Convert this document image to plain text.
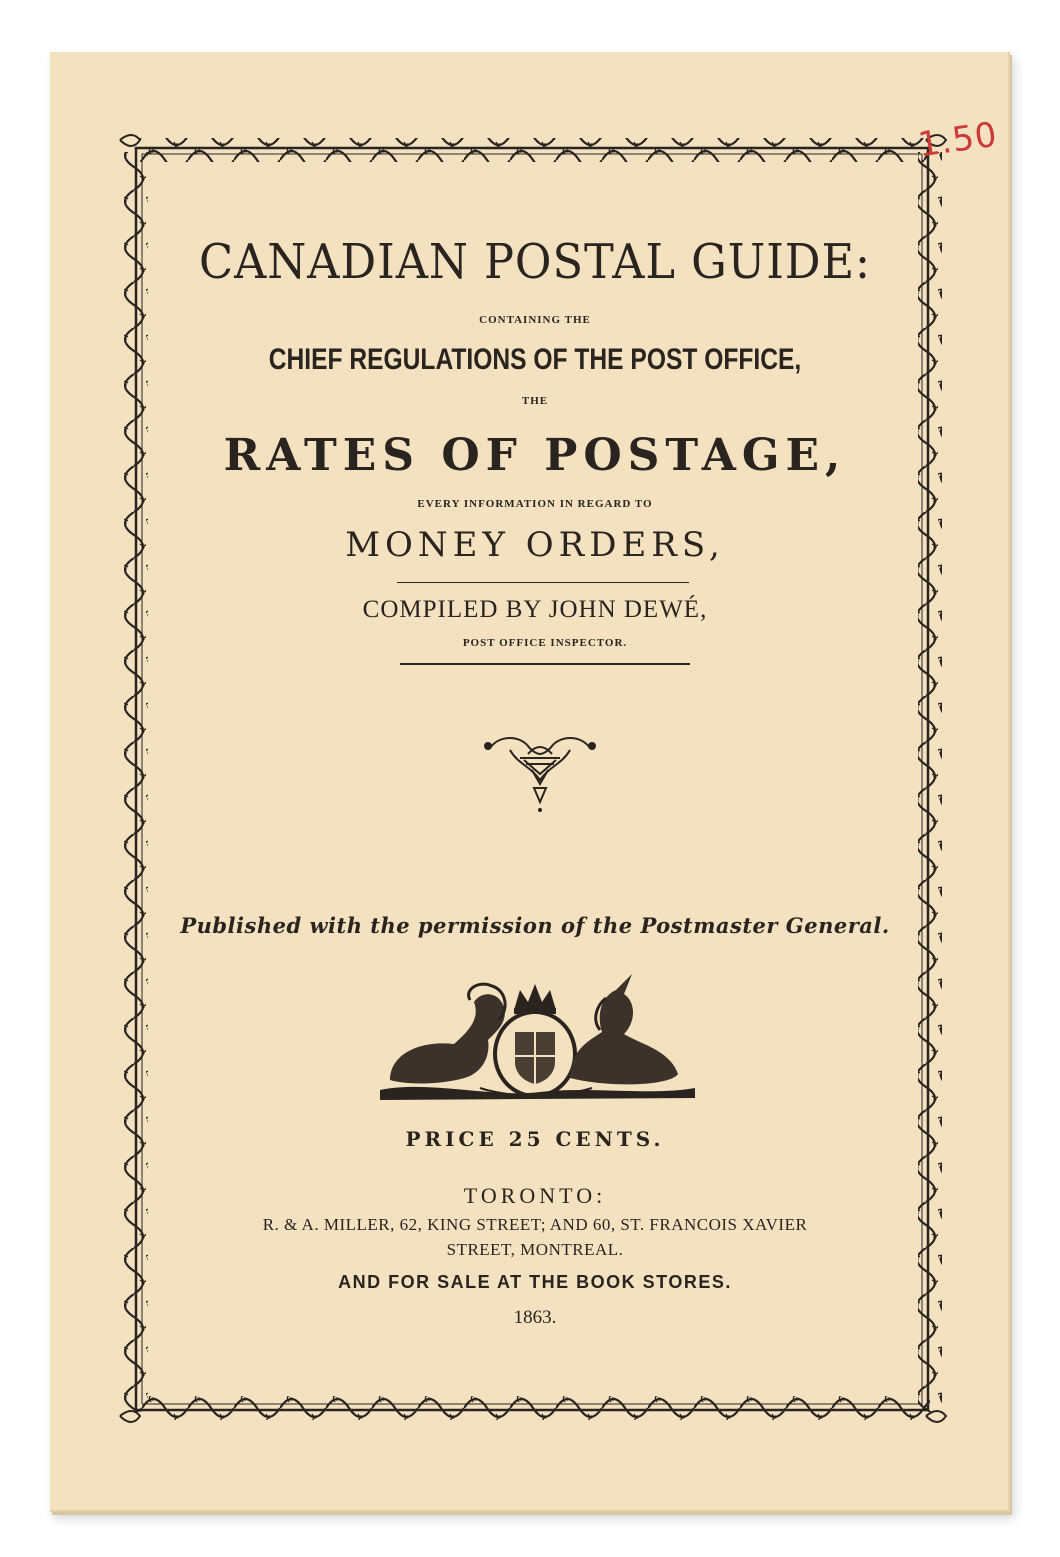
1.50
CANADIAN POSTAL GUIDE:
CONTAINING THE
CHIEF REGULATIONS OF THE POST OFFICE,
THE
RATES OF POSTAGE,
EVERY INFORMATION IN REGARD TO
MONEY ORDERS,
COMPILED BY JOHN DEWÉ,
POST OFFICE INSPECTOR.
Published with the permission of the Postmaster General.
PRICE 25 CENTS.
TORONTO:
R. & A. MILLER, 62, KING STREET; AND 60, ST. FRANCOIS XAVIER
STREET, MONTREAL.
AND FOR SALE AT THE BOOK STORES.
1863.
